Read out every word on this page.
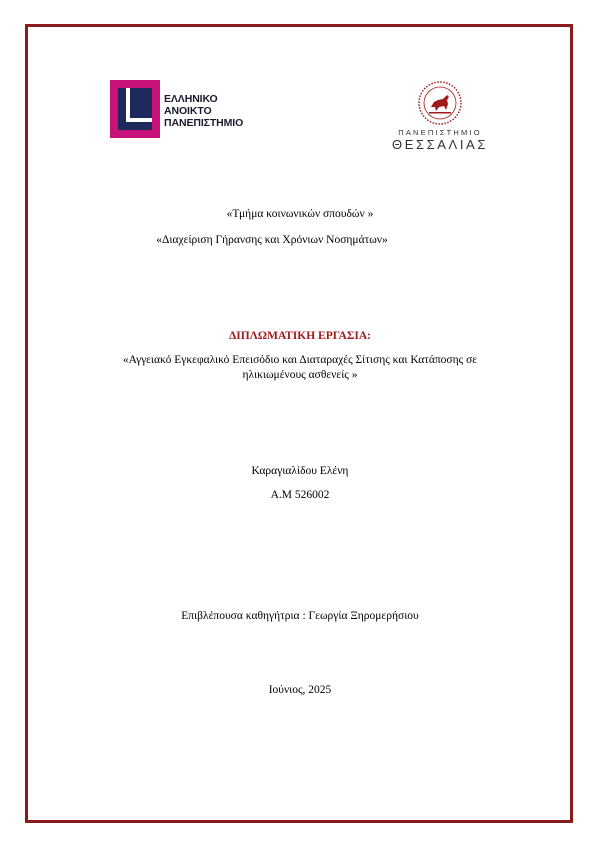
ΕΛΛΗΝΙΚΟ
ΑΝΟΙΚΤΟ
ΠΑΝΕΠΙΣΤΗΜΙΟ
ΠΑΝΕΠΙΣΤΗΜΙΟ
ΘΕΣΣΑΛΙΑΣ
«Τμήμα κοινωνικών σπουδών »
«Διαχείριση Γήρανσης και Χρόνιων Νοσημάτων»
ΔΙΠΛΩΜΑΤΙΚΗ ΕΡΓΑΣΙΑ:
«Αγγειακό Εγκεφαλικό Επεισόδιο και Διαταραχές Σίτισης και Κατάποσης σε ηλικιωμένους ασθενείς »
Καραγιαλίδου Ελένη
Α.Μ 526002
Επιβλέπουσα καθηγήτρια : Γεωργία Ξηρομερήσιου
Ιούνιος, 2025
